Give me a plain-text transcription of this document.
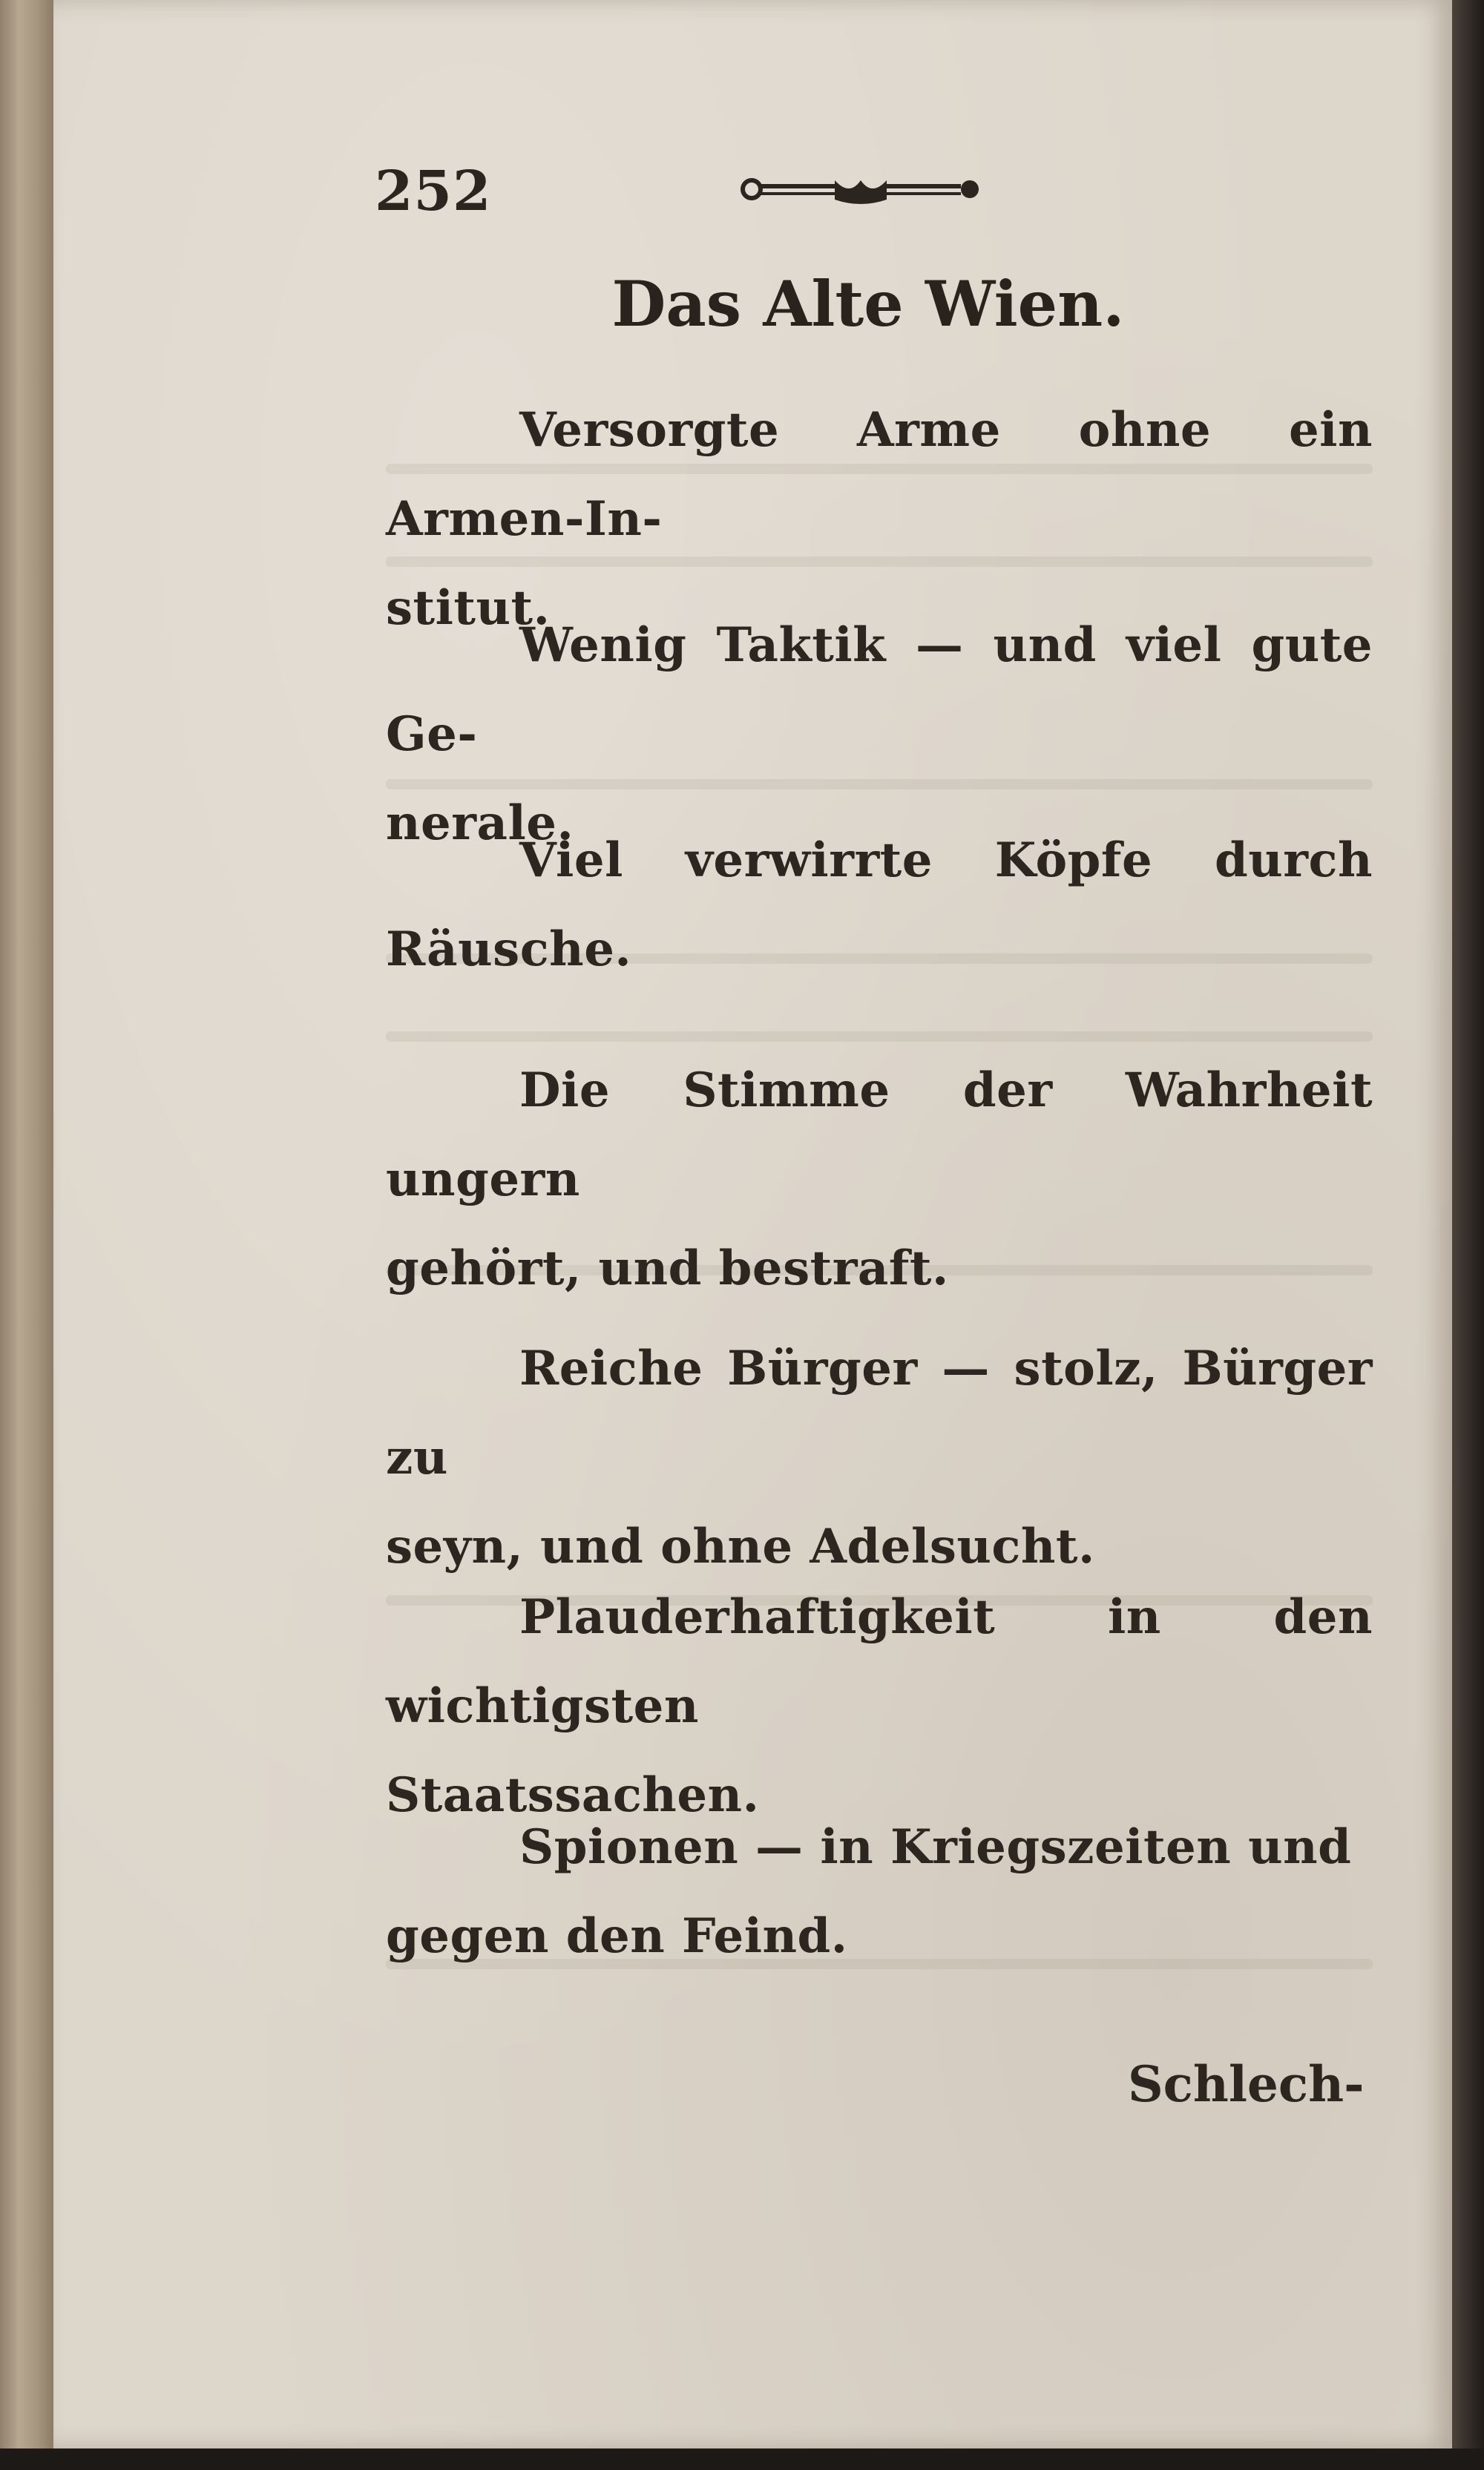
252
Das Alte Wien.
Versorgte Arme ohne ein Armen-In-
stitut.
Wenig Taktik — und viel gute Ge-
nerale.
Viel verwirrte Köpfe durch Räusche.
Die Stimme der Wahrheit ungern
gehört, und bestraft.
Reiche Bürger — stolz, Bürger zu
seyn, und ohne Adelsucht.
Plauderhaftigkeit in den wichtigsten
Staatssachen.
Spionen — in Kriegszeiten und
gegen den Feind.
Schlech-
